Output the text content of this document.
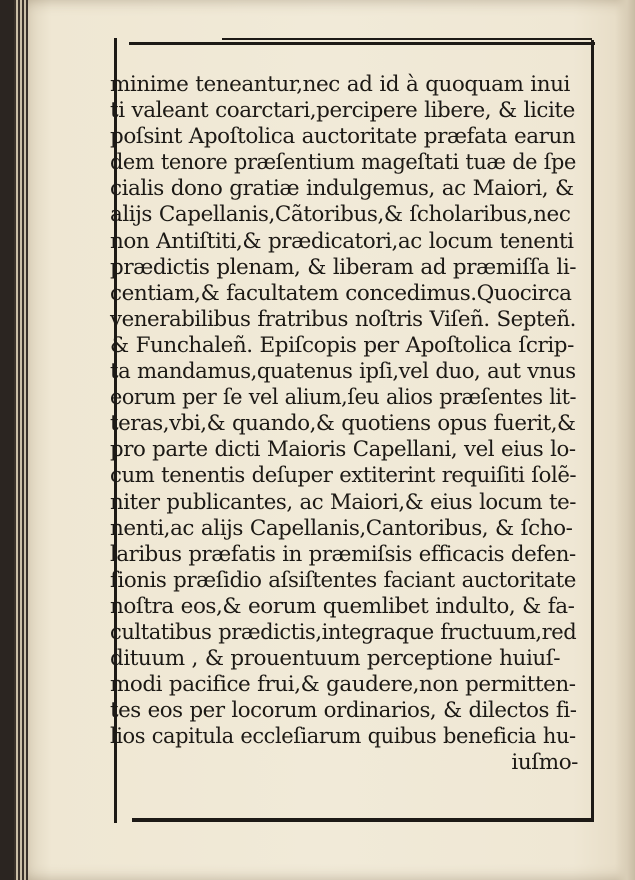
minime teneantur,nec ad id à quoquam inui
ti valeant coarctari,percipere libere, & licite
poſsint Apoſtolica auctoritate præfata earun
dem tenore præſentium mageſtati tuæ de ſpe
cialis dono gratiæ indulgemus, ac Maiori, &
alijs Capellanis,Cãtoribus,& ſcholaribus,nec
non Antiſtiti,& prædicatori,ac locum tenenti
prædictis plenam, & liberam ad præmiſſa li-
centiam,& facultatem concedimus.Quocirca
venerabilibus fratribus noſtris Viſeñ. Septeñ.
& Funchaleñ. Epiſcopis per Apoſtolica ſcrip-
ta mandamus,quatenus ipſi,vel duo, aut vnus
eorum per ſe vel alium,ſeu alios præſentes lit-
teras,vbi,& quando,& quotiens opus fuerit,&
pro parte dicti Maioris Capellani, vel eius lo-
cum tenentis deſuper extiterint requiſiti ſolẽ-
niter publicantes, ac Maiori,& eius locum te-
nenti,ac alijs Capellanis,Cantoribus, & ſcho-
laribus præfatis in præmiſsis efficacis defen-
ſionis præſidio aſsiſtentes faciant auctoritate
noſtra eos,& eorum quemlibet indulto, & fa-
cultatibus prædictis,integraque fructuum,red
dituum , & prouentuum perceptione huiuſ-
modi pacifice frui,& gaudere,non permitten-
tes eos per locorum ordinarios, & dilectos fi-
lios capitula eccleſiarum quibus beneficia hu-
iuſmo-
